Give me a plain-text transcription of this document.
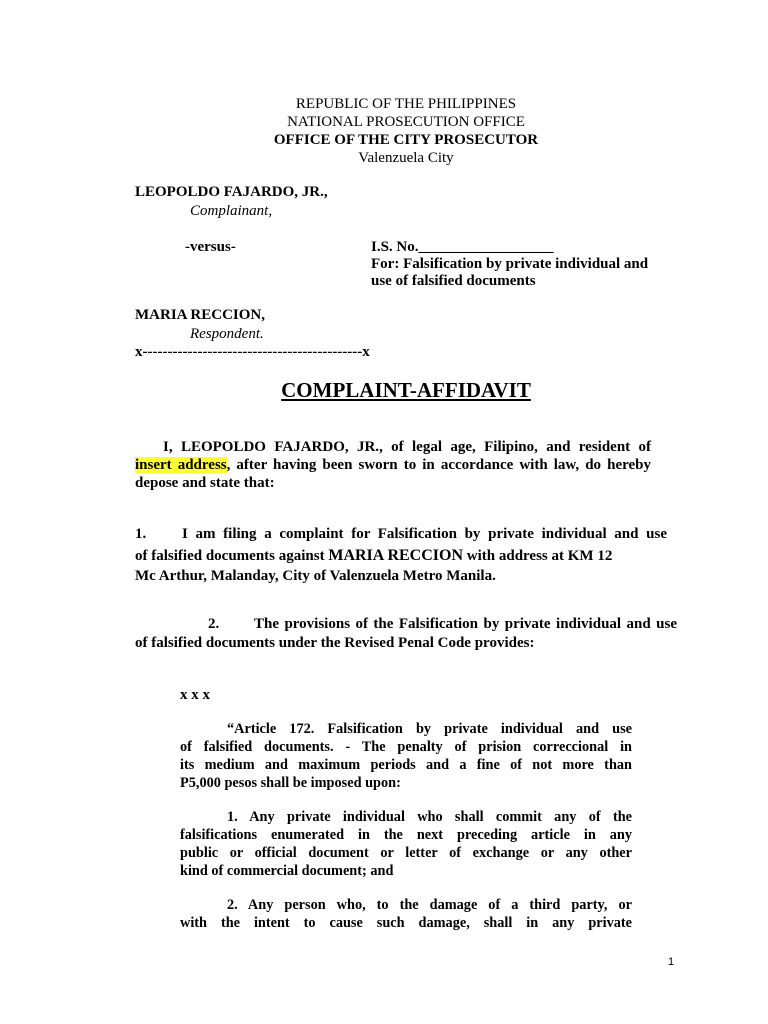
REPUBLIC OF THE PHILIPPINES
NATIONAL PROSECUTION OFFICE
OFFICE OF THE CITY PROSECUTOR
Valenzuela City
LEOPOLDO FAJARDO, JR.,
Complainant,
-versus-	I.S. No.__________________
For: Falsification by private individual and
use of falsified documents
MARIA RECCION,
Respondent.
x--------------------------------------------x
COMPLAINT-AFFIDAVIT
I, LEOPOLDO FAJARDO, JR., of legal age, Filipino, and resident of
insert address, after having been sworn to in accordance with law, do hereby
depose and state that:
1. I am filing a complaint for Falsification by private individual and use
of falsified documents against MARIA RECCION with address at KM 12
Mc Arthur, Malanday, City of Valenzuela Metro Manila.
2. The provisions of the Falsification by private individual and use
of falsified documents under the Revised Penal Code provides:
x x x
“Article 172. Falsification by private individual and use
of falsified documents. - The penalty of prision correccional in
its medium and maximum periods and a fine of not more than
P5,000 pesos shall be imposed upon:
1. Any private individual who shall commit any of the
falsifications enumerated in the next preceding article in any
public or official document or letter of exchange or any other
kind of commercial document; and
2. Any person who, to the damage of a third party, or
with the intent to cause such damage, shall in any private
1
